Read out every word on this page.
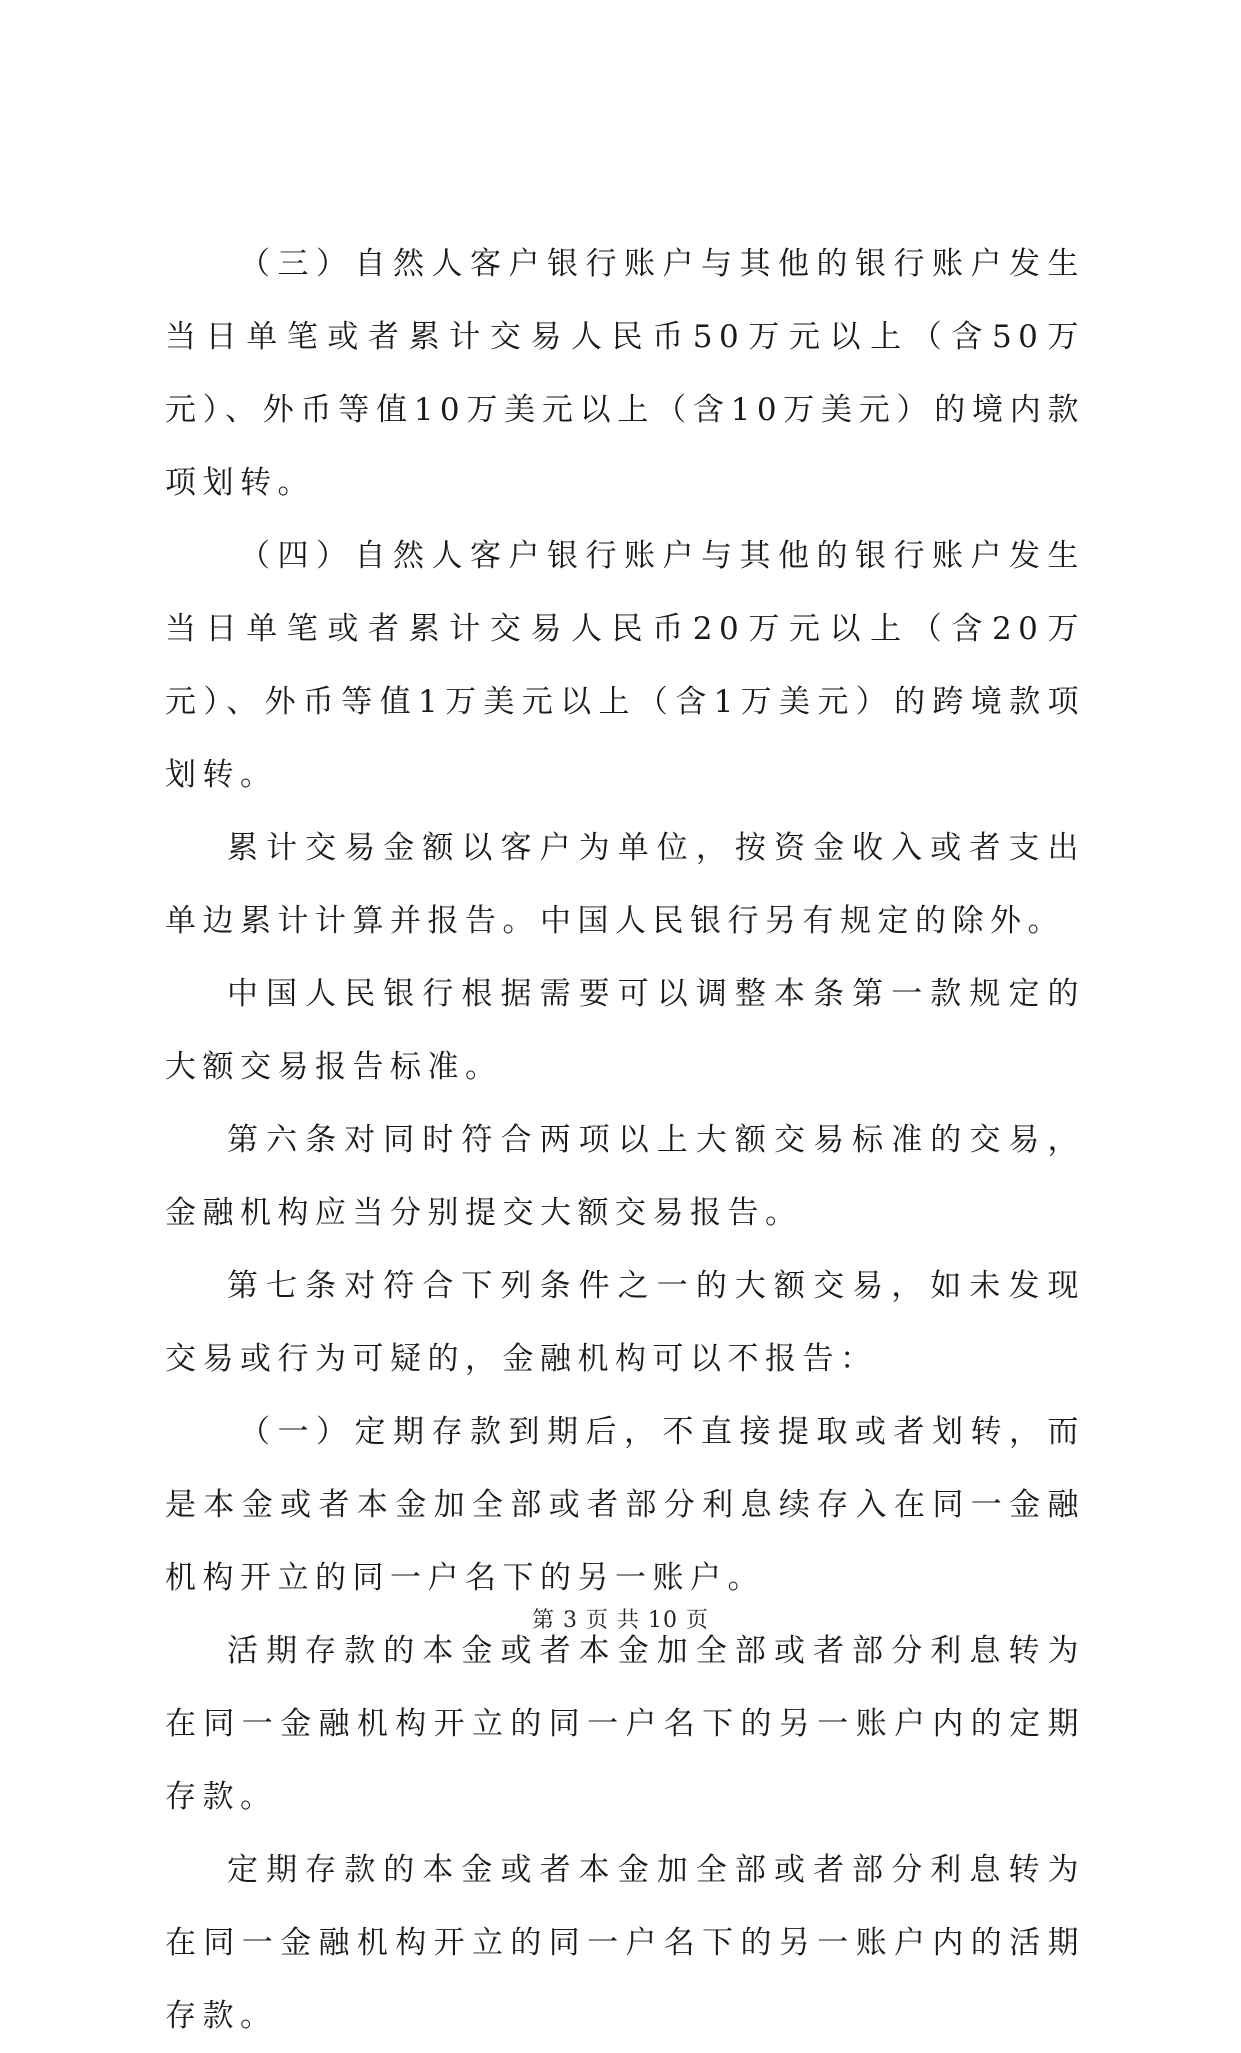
（三）自然人客户银行账户与其他的银行账户发生当日单笔或者累计交易人民币50万元以上（含50万元）、外币等值10万美元以上（含10万美元）的境内款项划转。

（四）自然人客户银行账户与其他的银行账户发生当日单笔或者累计交易人民币20万元以上（含20万元）、外币等值1万美元以上（含1万美元）的跨境款项划转。

累计交易金额以客户为单位，按资金收入或者支出单边累计计算并报告。中国人民银行另有规定的除外。

中国人民银行根据需要可以调整本条第一款规定的大额交易报告标准。

第六条对同时符合两项以上大额交易标准的交易，金融机构应当分别提交大额交易报告。

第七条对符合下列条件之一的大额交易，如未发现交易或行为可疑的，金融机构可以不报告：

（一）定期存款到期后，不直接提取或者划转，而是本金或者本金加全部或者部分利息续存入在同一金融机构开立的同一户名下的另一账户。

活期存款的本金或者本金加全部或者部分利息转为在同一金融机构开立的同一户名下的另一账户内的定期存款。

定期存款的本金或者本金加全部或者部分利息转为在同一金融机构开立的同一户名下的另一账户内的活期存款。

第 3 页 共 10 页
